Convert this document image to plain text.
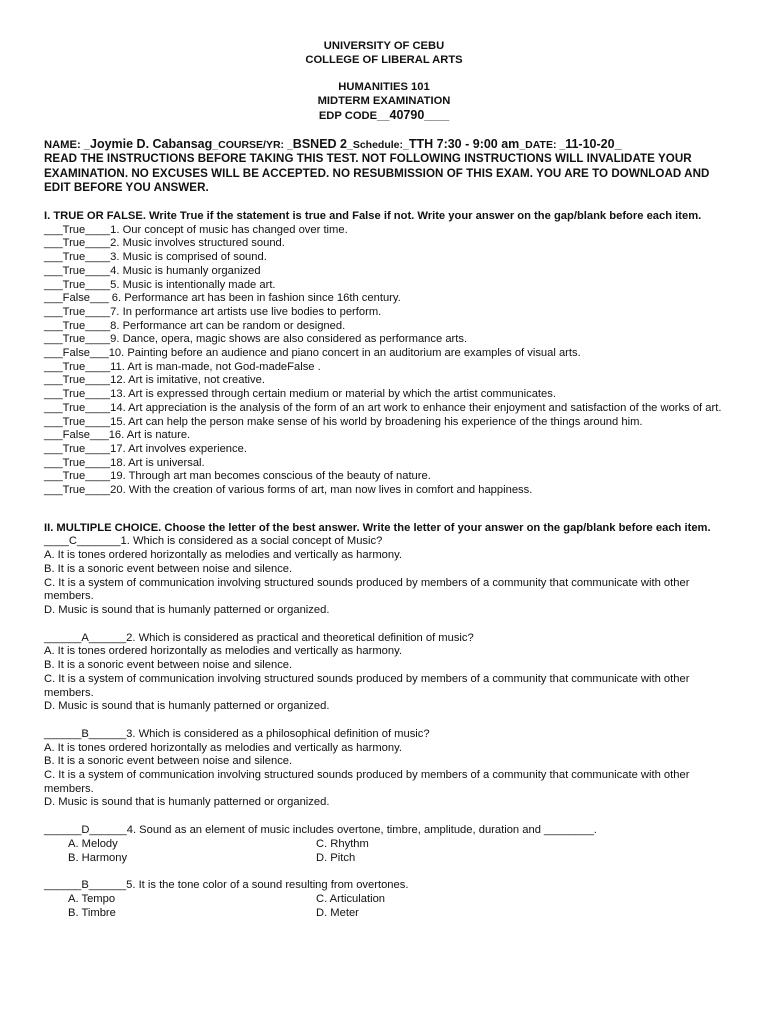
UNIVERSITY OF CEBU
COLLEGE OF LIBERAL ARTS
HUMANITIES 101
MIDTERM EXAMINATION
EDP CODE__40790____
NAME: _Joymie D. Cabansag_COURSE/YR: _BSNED 2_Schedule:_TTH 7:30 - 9:00 am_DATE: _11-10-20_
READ THE INSTRUCTIONS BEFORE TAKING THIS TEST. NOT FOLLOWING INSTRUCTIONS WILL INVALIDATE YOUR EXAMINATION. NO EXCUSES WILL BE ACCEPTED. NO RESUBMISSION OF THIS EXAM. YOU ARE TO DOWNLOAD AND EDIT BEFORE YOU ANSWER.
I. TRUE OR FALSE. Write True if the statement is true and False if not. Write your answer on the gap/blank before each item.
___True____1. Our concept of music has changed over time.
___True____2. Music involves structured sound.
___True____3. Music is comprised of sound.
___True____4. Music is humanly organized
___True____5. Music is intentionally made art.
___False___ 6. Performance art has been in fashion since 16th century.
___True____7. In performance art artists use live bodies to perform.
___True____8. Performance art can be random or designed.
___True____9. Dance, opera, magic shows are also considered as performance arts.
___False___10. Painting before an audience and piano concert in an auditorium are examples of visual arts.
___True____11. Art is man-made, not God-madeFalse .
___True____12. Art is imitative, not creative.
___True____13. Art is expressed through certain medium or material by which the artist communicates.
___True____14. Art appreciation is the analysis of the form of an art work to enhance their enjoyment and satisfaction of the works of art.
___True____15. Art can help the person make sense of his world by broadening his experience of the things around him.
___False___16. Art is nature.
___True____17. Art involves experience.
___True____18. Art is universal.
___True____19. Through art man becomes conscious of the beauty of nature.
___True____20. With the creation of various forms of art, man now lives in comfort and happiness.
II. MULTIPLE CHOICE. Choose the letter of the best answer. Write the letter of your answer on the gap/blank before each item.
____C_______1. Which is considered as a social concept of Music?
A. It is tones ordered horizontally as melodies and vertically as harmony.
B. It is a sonoric event between noise and silence.
C. It is a system of communication involving structured sounds produced by members of a community that communicate with other members.
D. Music is sound that is humanly patterned or organized.
______A______2. Which is considered as practical and theoretical definition of music?
A. It is tones ordered horizontally as melodies and vertically as harmony.
B. It is a sonoric event between noise and silence.
C. It is a system of communication involving structured sounds produced by members of a community that communicate with other members.
D. Music is sound that is humanly patterned or organized.
______B______3. Which is considered as a philosophical definition of music?
A. It is tones ordered horizontally as melodies and vertically as harmony.
B. It is a sonoric event between noise and silence.
C. It is a system of communication involving structured sounds produced by members of a community that communicate with other members.
D. Music is sound that is humanly patterned or organized.
______D______4. Sound as an element of music includes overtone, timbre, amplitude, duration and ________.
A. Melody	C. Rhythm
B. Harmony	D. Pitch
______B______5. It is the tone color of a sound resulting from overtones.
A. Tempo	C. Articulation
B. Timbre	D. Meter
